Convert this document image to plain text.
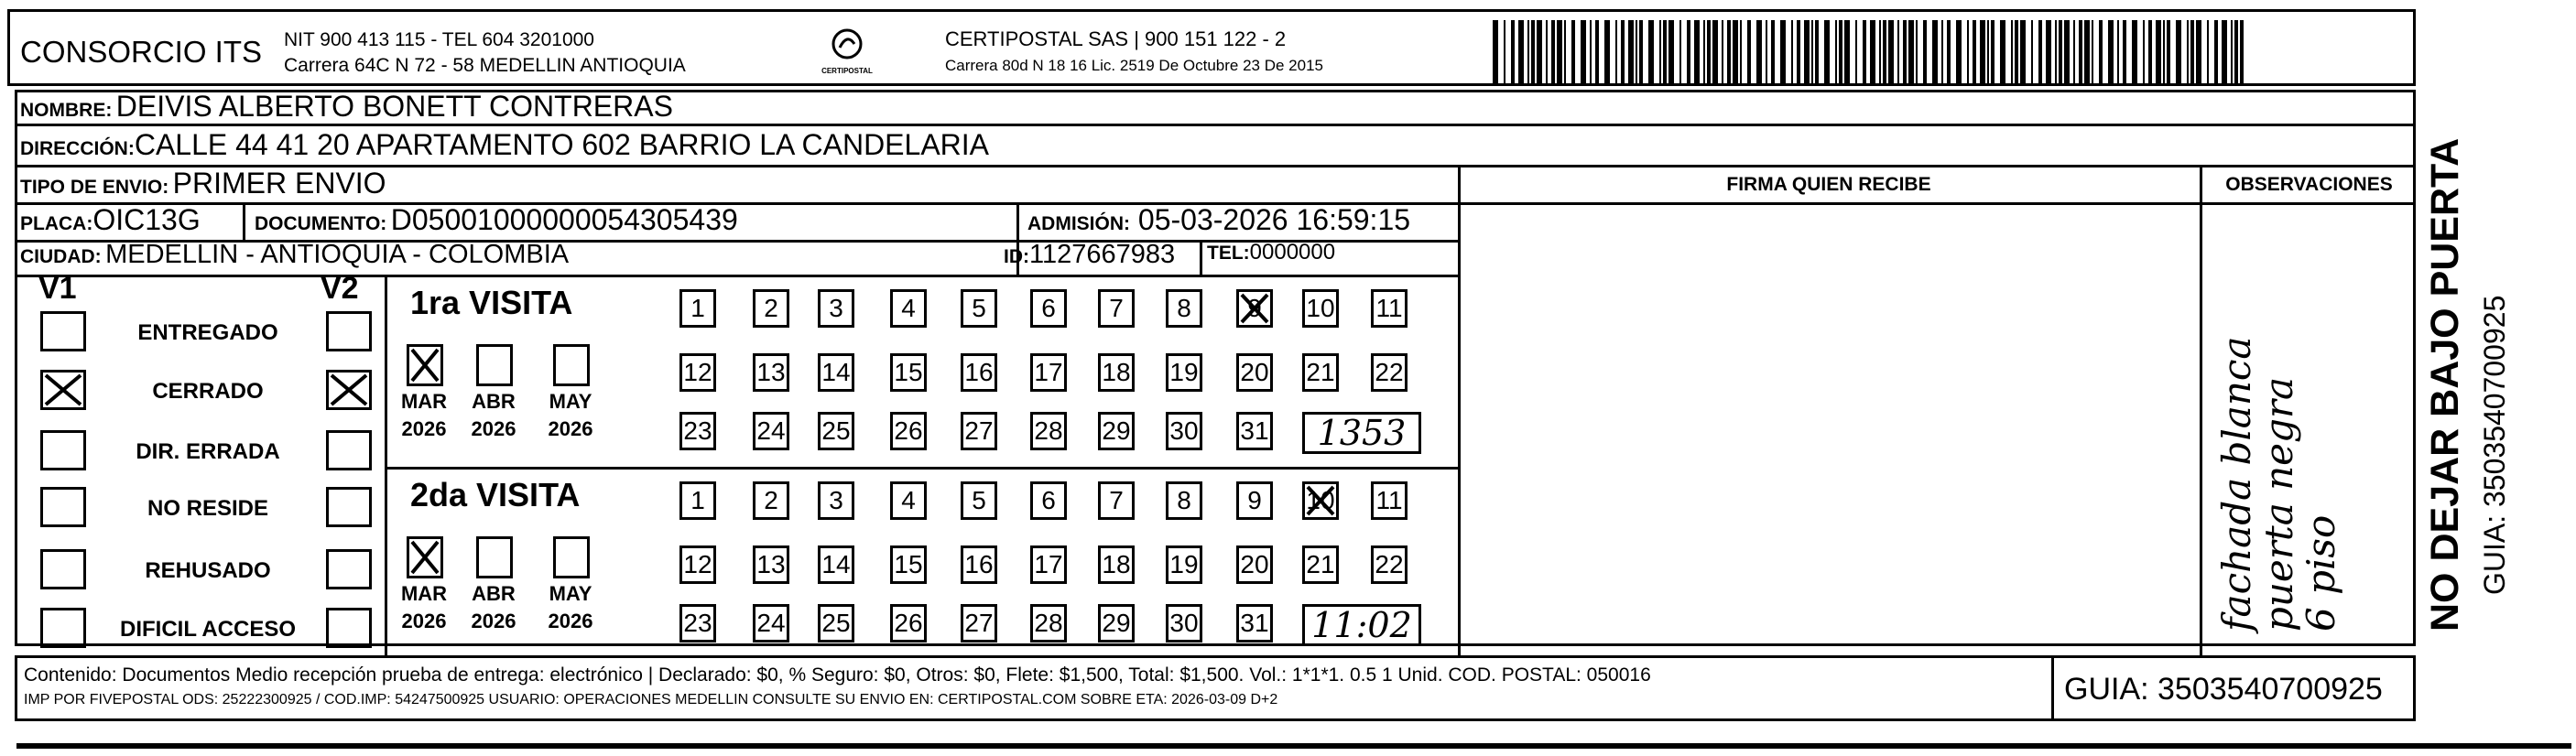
CONSORCIO ITS NIT 900 413 115 - TEL 604 3201000
Carrera 64C N 72 - 58 MEDELLIN ANTIOQUIA	CERTIPOSTAL
CERTIPOSTAL SAS | 900 151 122 - 2
Carrera 80d N 18 16 Lic. 2519 De Octubre 23 De 2015
NOMBRE:
DEIVIS ALBERTO BONETT CONTRERAS
DIRECCIÓN: CALLE 44 41 20 APARTAMENTO 602 BARRIO LA CANDELARIA
TIPO DE ENVIO:
PRIMER ENVIO
PLACA: OIC13G	DOCUMENTO:
D05001000000054305439	ADMISIÓN:
05-03-2026 16:59:15
CIUDAD:
MEDELLIN - ANTIOQUIA - COLOMBIA	ID: 1127667983 TEL: 0000000
FIRMA QUIEN RECIBE	OBSERVACIONES
V1	V2
ENTREGADO
CERRADO
DIR. ERRADA
NO RESIDE
REHUSADO
DIFICIL ACCESO
1ra VISITA
MAR
2026
ABR
2026
MAY
2026
1	2	3	4	5	6	7	8	9	10 11
12 13 14 15 16 17 18 19 20 21 22
23 24 25 26 27 28 29 30 31	1353
2da VISITA
MAR
2026
ABR
2026
MAY
2026
1	2	3	4	5	6	7	8	9	10 11
12 13 14 15 16 17 18 19 20 21 22
23 24 25 26 27 28 29 30 31 11:02	fachada blanca
puerta negra
6 piso
Contenido: Documentos Medio recepción prueba de entrega: electrónico | Declarado: $0, % Seguro: $0, Otros: $0, Flete: $1,500, Total: $1,500. Vol.: 1*1*1. 0.5 1 Unid. COD. POSTAL: 050016
IMP POR FIVEPOSTAL ODS: 25222300925 / COD.IMP: 54247500925 USUARIO: OPERACIONES MEDELLIN CONSULTE SU ENVIO EN: CERTIPOSTAL.COM SOBRE ETA: 2026-03-09 D+2	GUIA: 3503540700925
NO DEJAR BAJO PUERTA GUIA: 3503540700925
